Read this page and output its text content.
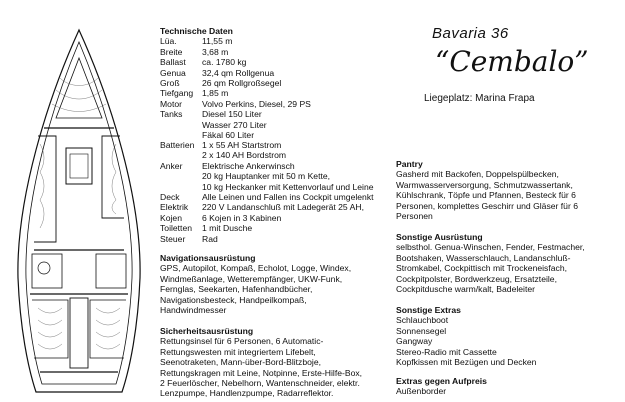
Bavaria 36
“Cembalo”
Liegeplatz: Marina Frapa
Technische Daten
Lüa.	11,55 m
Breite	3,68 m
Ballast	ca. 1780 kg
Genua	32,4 qm Rollgenua
Groß	26 qm Rollgroßsegel
Tiefgang	1,85 m
Motor	Volvo Perkins, Diesel, 29 PS
Tanks	Diesel 150 Liter
Wasser 270 Liter
Fäkal 60 Liter
Batterien 1 x 55 AH Startstrom
2 x 140 AH Bordstrom
Anker	Elektrische Ankerwinsch
20 kg Hauptanker mit 50 m Kette,
10 kg Heckanker mit Kettenvorlauf und Leine
Deck	Alle Leinen und Fallen ins Cockpit umgelenkt
Elektrik	220 V Landanschluß mit Ladegerät 25 AH,
Kojen	6 Kojen in 3 Kabinen
Toiletten	1 mit Dusche
Steuer	Rad
Navigationsausrüstung
GPS, Autopilot, Kompaß, Echolot, Logge, Windex,
Windmeßanlage, Wetterempfänger, UKW-Funk,
Fernglas, Seekarten, Hafenhandbücher,
Navigationsbesteck, Handpeilkompaß,
Handwindmesser
Sicherheitsausrüstung
Rettungsinsel für 6 Personen, 6 Automatic-
Rettungswesten mit integriertem Lifebelt,
Seenotraketen, Mann-über-Bord-Blitzboje,
Rettungskragen mit Leine, Notpinne, Erste-Hilfe-Box,
2 Feuerlöscher, Nebelhorn, Wantenschneider, elektr.
Lenzpumpe, Handlenzpumpe, Radarreflektor.
Pantry
Gasherd mit Backofen, Doppelspülbecken,
Warmwasserversorgung, Schmutzwassertank,
Kühlschrank, Töpfe und Pfannen, Besteck für 6
Personen, komplettes Geschirr und Gläser für 6
Personen
Sonstige Ausrüstung
selbsthol. Genua-Winschen, Fender, Festmacher,
Bootshaken, Wasserschlauch, Landanschluß-
Stromkabel, Cockpittisch mit Trockeneisfach,
Cockpitpolster, Bordwerkzeug, Ersatzteile,
Cockpitdusche warm/kalt, Badeleiter
Sonstige Extras
Schlauchboot
Sonnensegel
Gangway
Stereo-Radio mit Cassette
Kopfkissen mit Bezügen und Decken
Extras gegen Aufpreis
Außenborder
